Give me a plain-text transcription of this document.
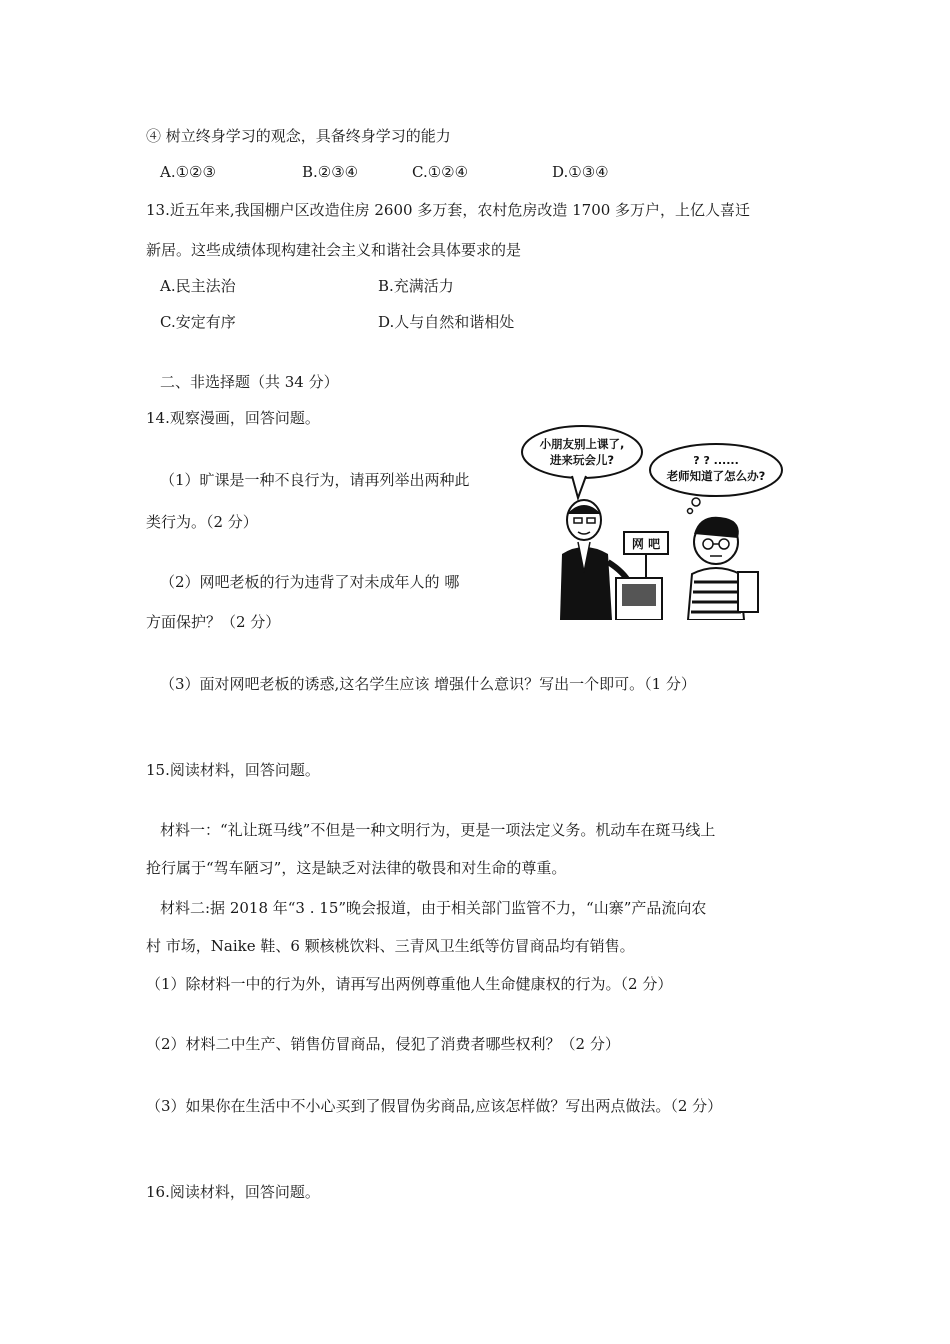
④ 树立终身学习的观念，具备终身学习的能力
A.①②③	B.②③④	C.①②④	D.①③④
13.近五年来,我国棚户区改造住房 2600 多万套，农村危房改造 1700 多万户，上亿人喜迁
新居。这些成绩体现构建社会主义和谐社会具体要求的是
A.民主法治	B.充满活力
C.安定有序	D.人与自然和谐相处
二、非选择题（共 34 分）
14.观察漫画，回答问题。
（1）旷课是一种不良行为，请再列举出两种此
类行为。（2 分）
（2）网吧老板的行为违背了对未成年人的 哪
方面保护？（2 分）
（3）面对网吧老板的诱惑,这名学生应该 增强什么意识？写出一个即可。（1 分）
小朋友别上课了,
进来玩会儿?	? ? ......
老师知道了怎么办?
网 吧
15.阅读材料，回答问题。
材料一：“礼让斑马线”不但是一种文明行为，更是一项法定义务。机动车在斑马线上
抢行属于“驾车陋习”，这是缺乏对法律的敬畏和对生命的尊重。
材料二:据 2018 年“3 . 15”晚会报道，由于相关部门监管不力，“山寨”产品流向农
村 市场，Naike 鞋、6 颗核桃饮料、三青风卫生纸等仿冒商品均有销售。
（1）除材料一中的行为外，请再写出两例尊重他人生命健康权的行为。（2 分）
（2）材料二中生产、销售仿冒商品，侵犯了消费者哪些权利？（2 分）
（3）如果你在生活中不小心买到了假冒伪劣商品,应该怎样做？写出两点做法。（2 分）
16.阅读材料，回答问题。
